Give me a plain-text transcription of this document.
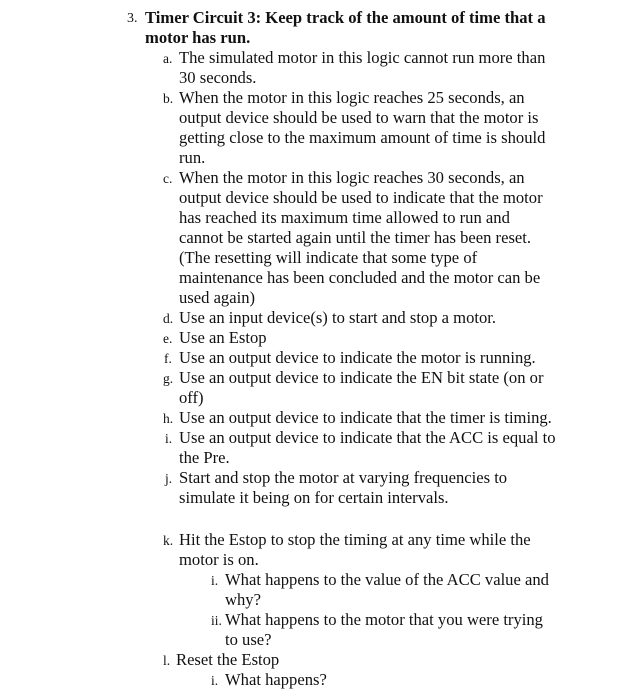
3. Timer Circuit 3: Keep track of the amount of time that a
motor has run.
a. The simulated motor in this logic cannot run more than
30 seconds.
b. When the motor in this logic reaches 25 seconds, an
output device should be used to warn that the motor is
getting close to the maximum amount of time is should
run.
c. When the motor in this logic reaches 30 seconds, an
output device should be used to indicate that the motor
has reached its maximum time allowed to run and
cannot be started again until the timer has been reset.
(The resetting will indicate that some type of
maintenance has been concluded and the motor can be
used again)
d. Use an input device(s) to start and stop a motor.
e. Use an Estop
f. Use an output device to indicate the motor is running.
g. Use an output device to indicate the EN bit state (on or
off)
h. Use an output device to indicate that the timer is timing.
i. Use an output device to indicate that the ACC is equal to
the Pre.
j. Start and stop the motor at varying frequencies to
simulate it being on for certain intervals.
k. Hit the Estop to stop the timing at any time while the
motor is on.
i. What happens to the value of the ACC value and
why?
ii. What happens to the motor that you were trying
to use?
l. Reset the Estop
i. What happens?
